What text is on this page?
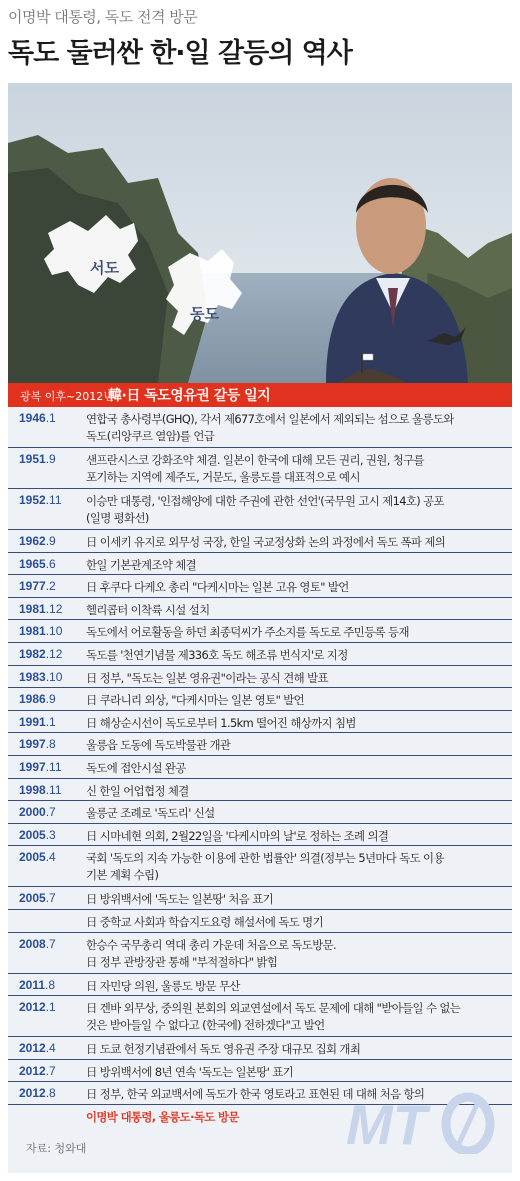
이명박 대통령, 독도 전격 방문
독도 둘러싼 한·일 갈등의 역사
서도
동도
광복 이후~2012년
韓·日 독도영유권 갈등 일지
1946.1	연합국 총사령부(GHQ), 각서 제677호에서 일본에서 제외되는 섬으로 울릉도와
독도(리앙쿠르 열암)를 언급
1951.9	샌프란시스코 강화조약 체결. 일본이 한국에 대해 모든 권리, 권원, 청구를
포기하는 지역에 제주도, 거문도, 울릉도를 대표적으로 예시
1952.11	이승만 대통령, '인접해양에 대한 주권에 관한 선언'(국무원 고시 제14호) 공포
(일명 평화선)
1962.9	日 이세키 유지로 외무성 국장, 한일 국교정상화 논의 과정에서 독도 폭파 제의
1965.6	한일 기본관계조약 체결
1977.2	日 후쿠다 다케오 총리 "다케시마는 일본 고유 영토" 발언
1981.12	헬리콥터 이착륙 시설 설치
1981.10	독도에서 어로활동을 하던 최종덕씨가 주소지를 독도로 주민등록 등재
1982.12	독도를 '천연기념물 제336호 독도 해조류 번식지'로 지정
1983.10	日 정부, "독도는 일본 영유권"이라는 공식 견해 발표
1986.9	日 쿠라니리 외상, "다케시마는 일본 영토" 발언
1991.1	日 해상순시선이 독도로부터 1.5km 떨어진 해상까지 침범
1997.8	울릉읍 도동에 독도박물관 개관
1997.11	독도에 접안시설 완공
1998.11	신 한일 어업협정 체결
2000.7	울릉군 조례로 '독도리' 신설
2005.3	日 시마네현 의회, 2월22일을 '다케시마의 날'로 정하는 조례 의결
2005.4	국회 '독도의 지속 가능한 이용에 관한 법률안' 의결(정부는 5년마다 독도 이용
기본 계획 수립)
2005.7	日 방위백서에 '독도는 일본땅' 처음 표기
日 중학교 사회과 학습지도요령 해설서에 독도 명기
2008.7	한승수 국무총리 역대 총리 가운데 처음으로 독도방문.
日 정부 관방장관 통해 "부적절하다" 밝힘
2011.8	日 자민당 의원, 울릉도 방문 무산
2012.1	日 겐바 외무상, 중의원 본회의 외교연설에서 독도 문제에 대해 "받아들일 수 없는
것은 받아들일 수 없다고 (한국에) 전하겠다"고 발언
2012.4	日 도쿄 헌정기념관에서 독도 영유권 주장 대규모 집회 개최
2012.7	日 방위백서에 8년 연속 '독도는 일본땅' 표기
2012.8	日 정부, 한국 외교백서에 독도가 한국 영토라고 표현된 데 대해 처음 항의
이명박 대통령, 울릉도·독도 방문
자료: 청와대	MT
